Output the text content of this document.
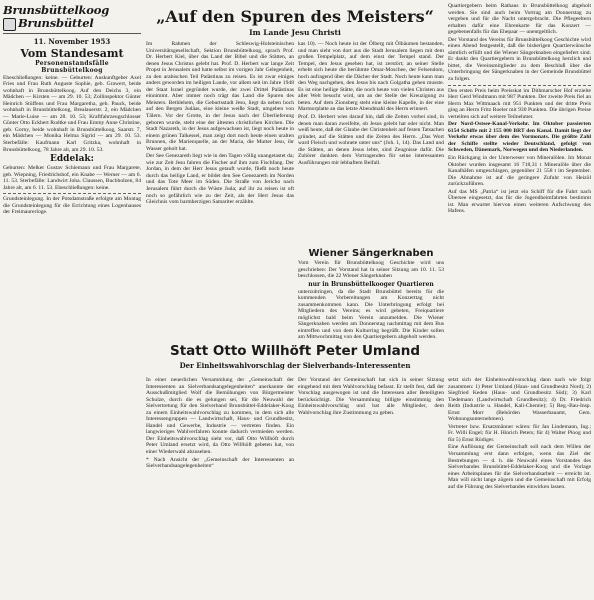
Brunsbüttelkoog
Brunsbüttel
11. November 1953
Vom Standesamt
Personenstandsfälle
Brunsbüttelkoog

Eheschließungen: keine. — Geburten: Auskunftgeber Axel Fries und Frau Ruth Auguste Sophie, geb. Grawert, beide wohnhaft in Brunsbüttelkoog. Auf den Deichs 3, ein Mädchen — Kirsten — am 29. 10. 53; Zollinspektor Günter Heinrich Stüffens und Frau Margaretha, geb. Pauck, beide wohnhaft in Brunsbüttelkoog, Brealauerstr. 2, ein Mädchen — Marie-Luise — am 28. 10. 53; Kraftfahrzeugschlosser Günter Otto Eckbert Rudtke und Frau Emmy Anne Christine, geb. Gorny, beide wohnhaft in Brunsbüttelkoog, Saarstr. 7, ein Mädchen — Monika Helma Sigrid — am 29. 10. 53. Sterbefälle: Kaufmann Karl Gritzka, wohnhaft in Brunsbüttelkoog, 78 Jahre alt, am 29. 10. 53.

Eddelak:

Geburten: Melker Gustav Schlemann und Frau Margarete, geb. Wiepning, Friedrichshof, ein Knabe — Werner — am 6. 11. 53. Sterbefälle: Landwirt Joha. Claussen, Buchholzen, 84 Jahre alt, am 6. 11. 53. Eheschließungen: keine.

Grundsteinlegung. In der Potsdamstraße erfolgte am Montag die Grundsteinlegung für die Errichtung eines Logenhauses der Freimaurerloge.

„Auf den Spuren des Meisters“
Im Lande Jesu Christi

Im Rahmen der Schleswig-Holsteinischen Universitätsgesellschaft, Sektion Brunsbüttelkoog, sprach Prof. Dr. Herbert Kiel, über das Land der Bibel und die Stätten, an denen Jesus Christus gelebt hat. Prof. D. Herbert war lange Zeit Propst in Jerusalem und hatte selbst im vorigen Jahr Gelegenheit, zu den arabischen Teil Palästinas zu reisen. Es ist zwar einiges anders geworden im heiligen Lande, vor allem seit im Jahre 1948 der Staat Israel gegründet wurde, der zwei Drittel Palästinas einnimmt. Aber immer noch trägt das Land die Spuren des Meisters. Bethlehem, die Geburtsstadt Jesu, liegt da neben hoch auf den Bergen Judäas, eine kleine weiße Stadt, umgeben von Tälern. Vor der Grotte, in der Jesus nach der Überlieferung geboren wurde, steht eine der ältesten christlichen Kirchen. Die Stadt Nazareth, in der Jesus aufgewachsen ist, liegt noch heute in einem grünen Talkessel, man zeigt dort noch heute einen uralten Brunnen, die Marienquelle, an der Maria, die Mutter Jesu, ihr Wasser geholt hat.

Der See Genezareth liegt wie in den Tagen völlig unangetastet da; wie zur Zeit Jesu fahren die Fischer auf ihm zum Fischfang. Der Jordan, in dem der Herr Jesus getauft wurde, fließt noch heute durch das heilige Land, er bildet den See Genezareth im Norden und das Tote Meer im Süden. Die Straße von Jericho nach Jerusalem führt durch die Wüste Juda; auf ihr zu reisen ist oft noch so gefährlich wie zu der Zeit, als der Herr Jesus das Gleichnis vom barmherzigen Samariter erzählte.

kas 10). — Noch heute ist der Ölberg mit Ölbäumen bestanden, und man sieht von dort aus die Stadt Jerusalem liegen mit dem großen Tempelplatz, auf dem einst der Tempel stand. Der Tempel, den Jesus gesehen hat, ist zerstört; an seiner Stelle erhebt sich heute die berühmte Omar-Moschee, der Felsendom, hoch aufragend über die Dächer der Stadt. Noch heute kann man den Weg nachgehen, den Jesus bis nach Golgatha gehen musste. Es ist eine heilige Stätte, die noch heute von vielen Christen aus aller Welt besucht wird, um an der Stelle der Kreuzigung zu beten. Auf dem Zionsberg steht eine kleine Kapelle, in der eine Marmorplatte an das letzte Abendmahl des Herrn erinnert.

Prof. D. Herbert wies darauf hin, daß die Zeiten vorbei sind, in denen man daran zweifelte, ob Jesus gelebt hat oder nicht. Man weiß heute, daß der Glaube der Christenheit auf festen Tatsachen gründet, auf die Stätten und die Zeiten des Herrn. „Das Wort ward Fleisch und wohnete unter uns“ (Joh. 1, 14). Das Land und die Stätten, an denen Jesus lebte, sind Zeugnisse dafür. Die Zuhörer dankten dem Vortragenden für seine interessanten Ausführungen mit lebhaftem Beifall.

Wiener Sängerknaben

Vom Verein für Brunsbüttelkoog Geschichte wird uns geschrieben: Der Vorstand hat in seiner Sitzung am 10. 11. 53 beschlossen, die 22 Wiener Sängerknaben

nur in Brunsbüttelkooger Quartieren

unterzubringen, da die Stadt Brunsbüttel bereits für die kommenden Vorbereitungen am Konzerttag nicht zusammenkommen kann. Die Unterbringung erfolgt bei Mitgliedern des Vereins; es wird gebeten, Freiquartiere möglichst bald beim Verein anzumelden. Die Wiener Sängerknaben werden am Donnerstag nachmittag mit dem Bus eintreffen und von dem Kulturring begrüßt. Die Kinder sollen am Mittwochmittag von den Quartiergebern abgeholt werden.

Quartiergebern beim Rathaus in Brunsbüttelkoog abgeholt werden. Sie sind auch beim Vortrag am Donnerstag zu vergeben und für die Nacht untergebracht. Die Pflegeeltern erhalten dafür eine Ehrenkarte für das Konzert — gegebenenfalls für das Ehepaar — unentgeltlich.

Der Vorstand des Vereins für Brunsbüttelkoog Geschichte wird einen Abend festgestellt, daß die bisherigen Quartierwünsche sämtlich erfüllt und die Wiener Sängerknaben eingeliefert sind. Er dankt den Quartiergebern in Brunsbüttelkoog herzlich und bittet, die Vereinsmitglieder zu dem Beschluß über die Unterbringung der Sängerknaben in der Gemeinde Brunsbüttel zu folgen.

Den ersten Preis beim Preisskat im Dithmarscher Hof erzielte Herr Gerd Windmann mit 987 Punkten. Der zweite Preis fiel an Herrn Max Wittmaack mit 951 Punkten und der dritte Preis ging an Herrn Fritz Roeler mit 930 Punkten. Die übrigen Preise verteilten sich auf weitere Teilnehmer.

Der Nord-Ostsee-Kanal-Verkehr. Im Oktober passierten 6154 Schiffe mit 2 155 000 BRT den Kanal. Damit liegt der Verkehr etwas über dem des Vormonats. Die größte Zahl der Schiffe stellte wieder Deutschland, gefolgt von Schweden, Dänemark, Norwegen und den Niederlanden.

Ein Rückgang in der Unterweser von Mineralölen. Im Monat Oktober wurden insgesamt 16 718,31 t Mineralöle über die Kanalhäfen umgeschlagen, gegenüber 21 558 t im September. Die Abnahme ist auf die geringere Zufuhr von Heizöl zurückzuführen.

Auf das MS „Patria“ ist jetzt ein Schiff für die Fahrt nach Übersee eingesetzt, das für die Jugendheimfahrten bestimmt ist. Man erwartet hiervon einen weiteren Aufschwung des Hafens.

Statt Otto Willhöft Peter Umland
Der Einheitswahlvorschlag der Sielverbands-Interessenten

In einer neuerlichen Versammlung der „Gemeinschaft der Interessenten an Sielverbandsangelegenheiten“ anerkannte der Ausschußmitglied Wolf die Bemühungen von Bürgermeister Schulze, durch die es gelungen sei, für die Neuwahl der Sielvertretung für den Sielverband Brunsbüttel-Eddelaker-Koog zu einem Einheitswahlvorschlag zu kommen, in dem sich alle Interessengruppen — Landwirtschaft, Haus- und Grundbesitz, Handel und Gewerbe, Industrie — vertreten finden. Ein langwieriges Wahlverfahren konnte dadurch vermieden werden. Der Einheitswahlvorschlag sieht vor, daß Otto Willhöft durch Peter Umland ersetzt wird, da Otto Willhöft gebeten hat, von einer Wiederwahl abzusehen.

* Nach Ansicht der „Gemeinschaft der Interessenten an Sielverbandsangelegenheiten“

Der Vorstand der Gemeinschaft hat sich in seiner Sitzung eingehend mit dem Wahlvorschlag befasst. Er stellt fest, daß der Vorschlag ausgewogen ist und die Interessen aller Beteiligten berücksichtigt. Die Versammlung billigte einstimmig den Einheitswahlvorschlag und bat alle Mitglieder, dem Wahlvorschlag ihre Zustimmung zu geben.

setzt sich der Einheitswahlvorschlag dann nach wie folgt zusammen: 1) Peter Umland (Haus- und Grundbesitz Nord); 2) Siegfried Keden (Haus- und Grundbesitz Süd); 3) Karl Tiedemann (Landwirtschaft Grundbesitz); 4) Dr. Friedrich Reith (Industrie u. Handel, Kali-Chemie); 5) Reg.-Bau-Insp. Ernst Morr (Behörden Wasserbauamt, Gem. Wohnungsunternehmen).

Vertreter bzw. Ersatzmänner wären: für Jan Lindemann, Ing.; Fr. Willi Engel; für H. Hinrich Peters; für 4) Walter Ploog und für 5) Ernst Rüdiger.

Eine Auflösung der Gemeinschaft soll nach dem Willen der Versammlung erst dann erfolgen, wenn das Ziel der Bestrebungen — d. h. die Neuwahl eines Vorstandes des Sielverbandes Brunsbüttel-Eddelaker-Koog und die Vorlage eines Arbeitsplanes für die Sielverbandsarbeit — erreicht ist. Man will nicht lange zögern und die Gemeinschaft mit Erfolg auf die Führung des Sielverbandes einwirken lassen.
